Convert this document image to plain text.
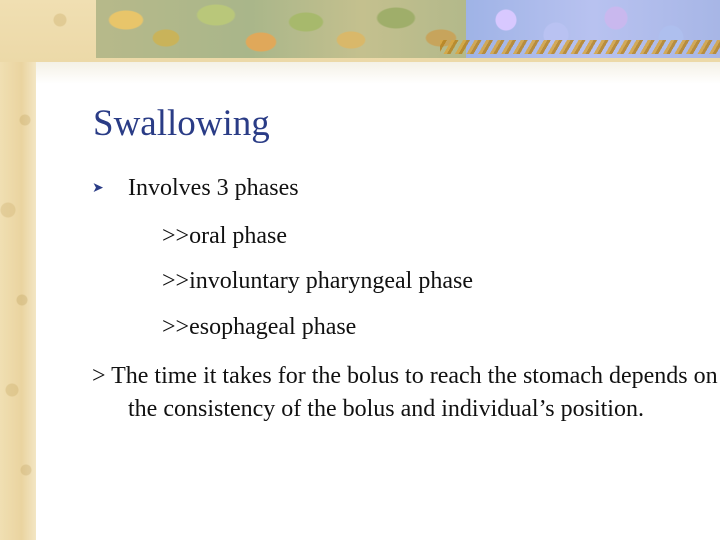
Swallowing
➤ Involves 3 phases
>>oral phase
>>involuntary pharyngeal phase
>>esophageal phase
> The time it takes for the bolus to reach the stomach depends on the consistency of the bolus and individual’s position.
